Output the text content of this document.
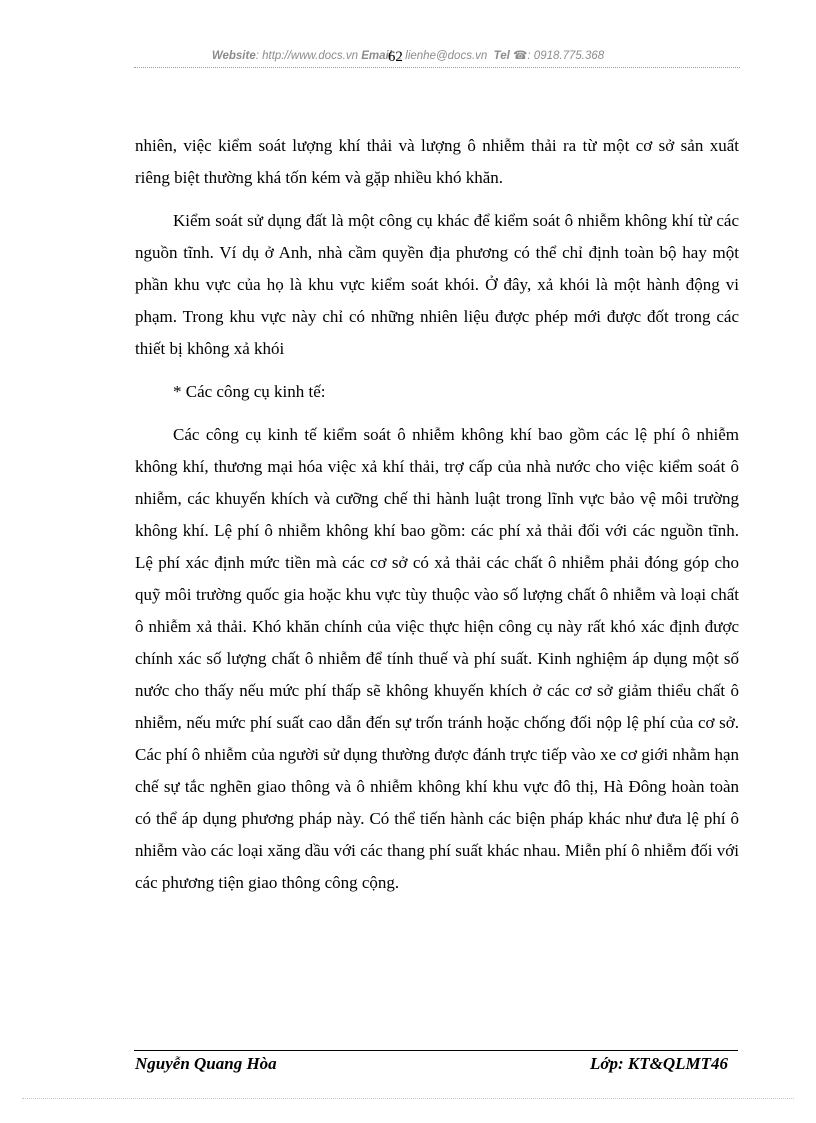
Website: http://www.docs.vn Email62: lienhe@docs.vn Tel ☎: 0918.775.368

nhiên, việc kiểm soát lượng khí thải và lượng ô nhiễm thải ra từ một cơ sở sản xuất riêng biệt thường khá tốn kém và gặp nhiều khó khăn.

Kiểm soát sử dụng đất là một công cụ khác để kiểm soát ô nhiễm không khí từ các nguồn tĩnh. Ví dụ ở Anh, nhà cầm quyền địa phương có thể chỉ định toàn bộ hay một phần khu vực của họ là khu vực kiểm soát khói. Ở đây, xả khói là một hành động vi phạm. Trong khu vực này chỉ có những nhiên liệu được phép mới được đốt trong các thiết bị không xả khói

* Các công cụ kinh tế:

Các công cụ kinh tế kiểm soát ô nhiễm không khí bao gồm các lệ phí ô nhiễm không khí, thương mại hóa việc xả khí thải, trợ cấp của nhà nước cho việc kiểm soát ô nhiễm, các khuyến khích và cưỡng chế thi hành luật trong lĩnh vực bảo vệ môi trường không khí. Lệ phí ô nhiễm không khí bao gồm: các phí xả thải đối với các nguồn tĩnh. Lệ phí xác định mức tiền mà các cơ sở có xả thải các chất ô nhiễm phải đóng góp cho quỹ môi trường quốc gia hoặc khu vực tùy thuộc vào số lượng chất ô nhiễm và loại chất ô nhiễm xả thải. Khó khăn chính của việc thực hiện công cụ này rất khó xác định được chính xác số lượng chất ô nhiễm để tính thuế và phí suất. Kinh nghiệm áp dụng một số nước cho thấy nếu mức phí thấp sẽ không khuyến khích ở các cơ sở giảm thiểu chất ô nhiễm, nếu mức phí suất cao dẫn đến sự trốn tránh hoặc chống đối nộp lệ phí của cơ sở. Các phí ô nhiễm của người sử dụng thường được đánh trực tiếp vào xe cơ giới nhằm hạn chế sự tắc nghẽn giao thông và ô nhiễm không khí khu vực đô thị, Hà Đông hoàn toàn có thể áp dụng phương pháp này. Có thể tiến hành các biện pháp khác như đưa lệ phí ô nhiễm vào các loại xăng dầu với các thang phí suất khác nhau. Miễn phí ô nhiễm đối với các phương tiện giao thông công cộng.

Nguyễn Quang Hòa	Lớp: KT&QLMT46
